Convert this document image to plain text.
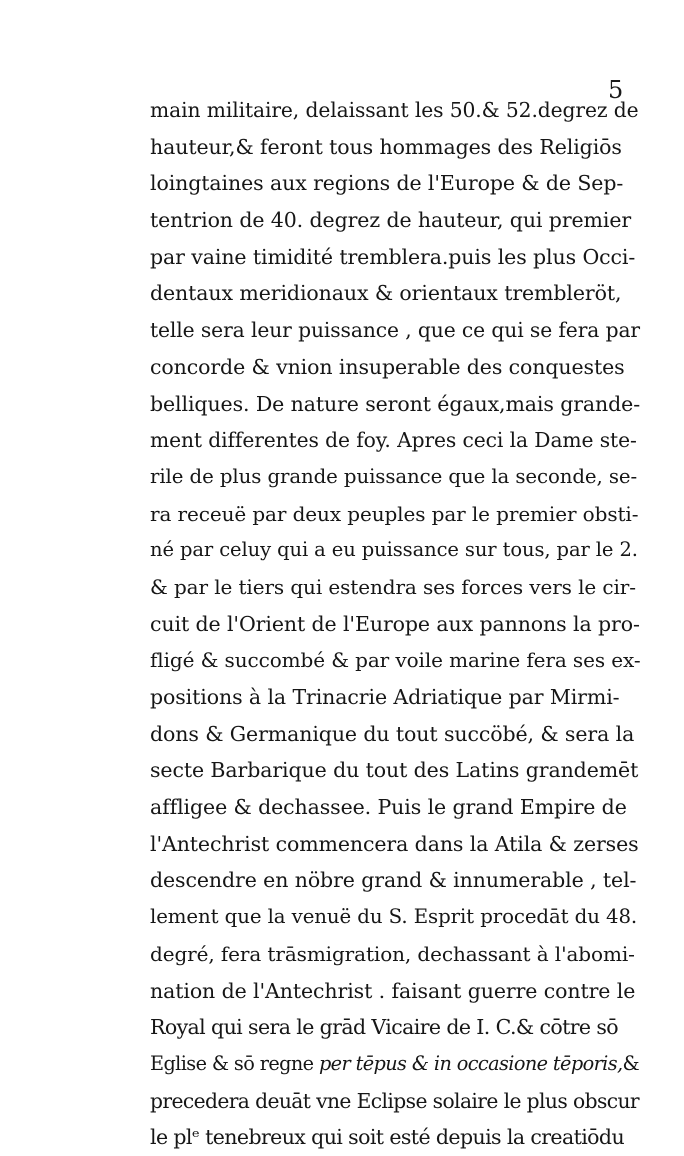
5
main militaire, delaissant les 50.& 52.degrez de
hauteur,& feront tous hommages des Religiōs
loingtaines aux regions de l'Europe & de Sep-
tentrion de 40. degrez de hauteur, qui premier
par vaine timidité tremblera.puis les plus Occi-
dentaux meridionaux & orientaux trembleröt,
telle sera leur puissance , que ce qui se fera par
concorde & vnion insuperable des conquestes
belliques. De nature seront égaux,mais grande-
ment differentes de foy. Apres ceci la Dame ste-
rile de plus grande puissance que la seconde, se-
ra receuë par deux peuples par le premier obsti-
né par celuy qui a eu puissance sur tous, par le 2.
& par le tiers qui estendra ses forces vers le cir-
cuit de l'Orient de l'Europe aux pannons la pro-
fligé & succombé & par voile marine fera ses ex-
positions à la Trinacrie Adriatique par Mirmi-
dons & Germanique du tout succöbé, & sera la
secte Barbarique du tout des Latins grandemēt
affligee & dechassee. Puis le grand Empire de
l'Antechrist commencera dans la Atila & zerses
descendre en nöbre grand & innumerable , tel-
lement que la venuë du S. Esprit procedāt du 48.
degré, fera trāsmigration, dechassant à l'abomi-
nation de l'Antechrist . faisant guerre contre le
Royal qui sera le grād Vicaire de I. C.& cōtre sō
Eglise & sō regne per tēpus & in occasione tēporis,&
precedera deuāt vne Eclipse solaire le plus obscur
le plᵉ tenebreux qui soit esté depuis la creatiōdu
